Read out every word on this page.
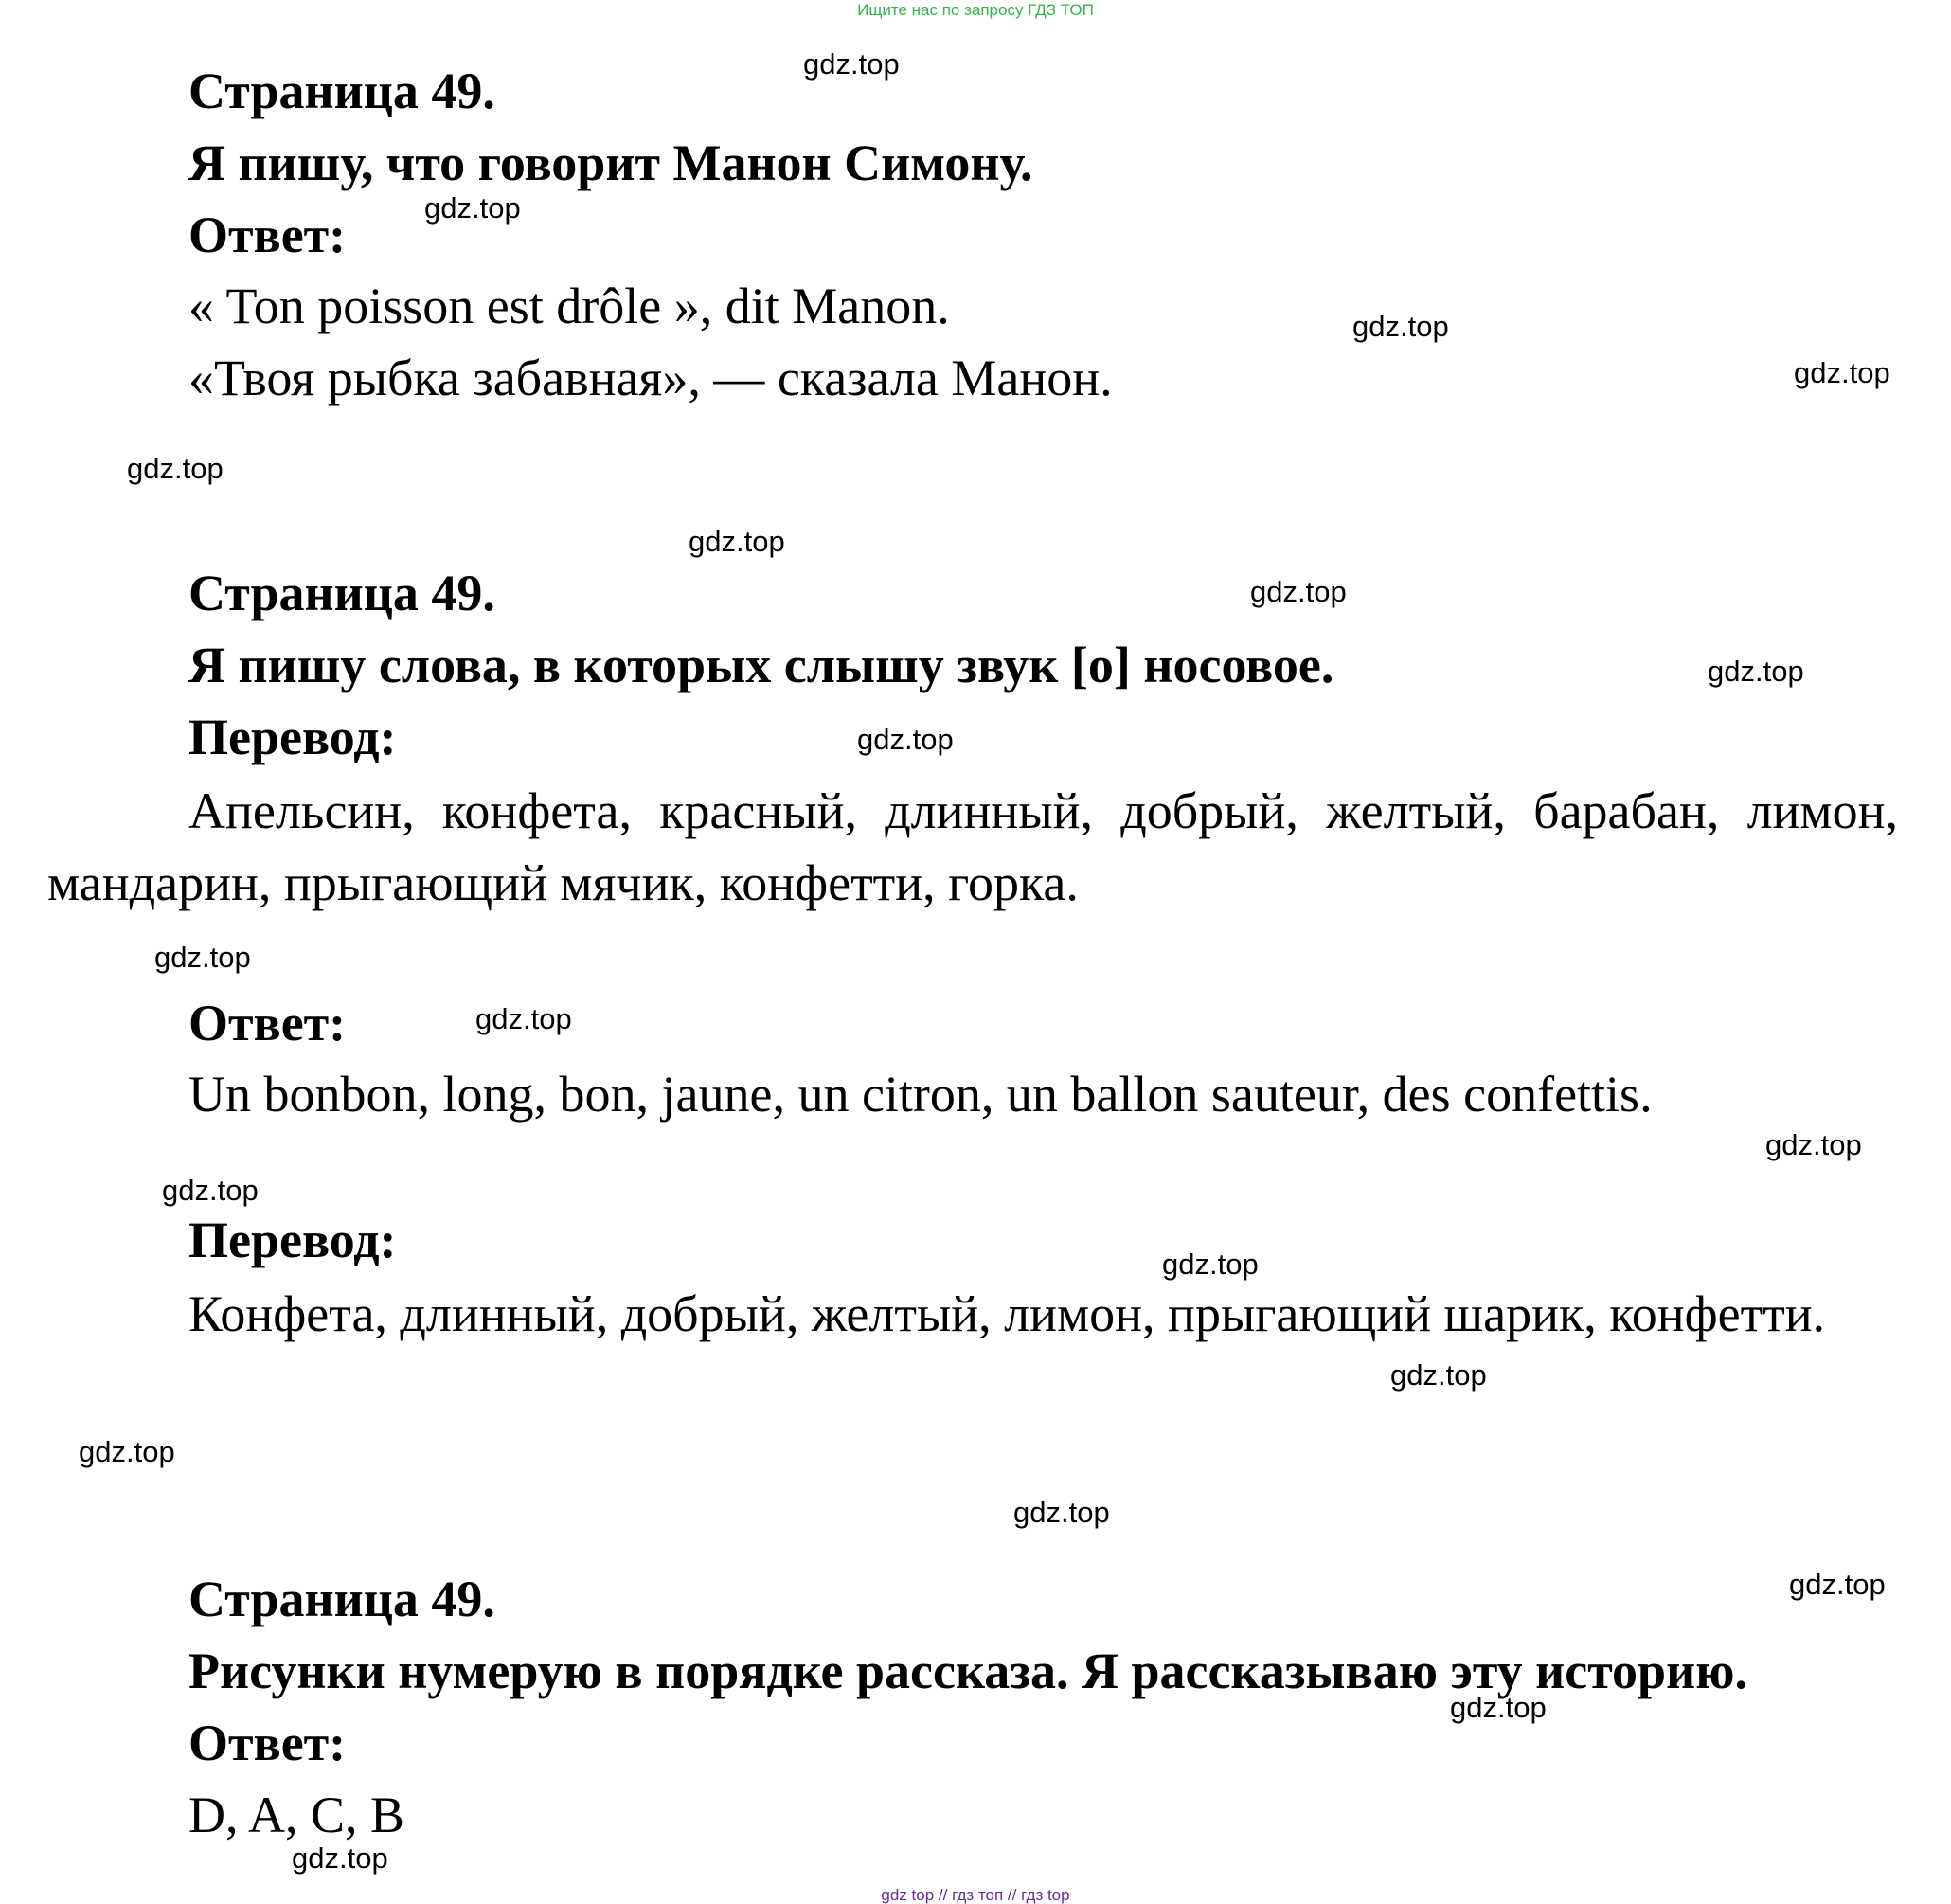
Ищите нас по запросу ГДЗ ТОП
Страница 49.
Я пишу, что говорит Манон Симону.
Ответ:
« Ton poisson est drôle », dit Manon.
«Твоя рыбка забавная», — сказала Манон.
Страница 49.
Я пишу слова, в которых слышу звук [o] носовое.
Перевод:
Апельсин, конфета, красный, длинный, добрый, желтый, барабан, лимон, мандарин, прыгающий мячик, конфетти, горка.
Ответ:
Un bonbon, long, bon, jaune, un citron, un ballon sauteur, des confettis.
Перевод:
Конфета, длинный, добрый, желтый, лимон, прыгающий шарик, конфетти.
Страница 49.
Рисунки нумерую в порядке рассказа. Я рассказываю эту историю.
Ответ:
D, A, C, B
gdz.top
gdz.top
gdz.top
gdz.top
gdz.top
gdz.top
gdz.top
gdz.top
gdz.top
gdz.top
gdz.top
gdz.top
gdz.top
gdz.top
gdz.top
gdz.top
gdz.top
gdz.top
gdz.top
gdz.top
gdz top // гдз топ // гдз top
